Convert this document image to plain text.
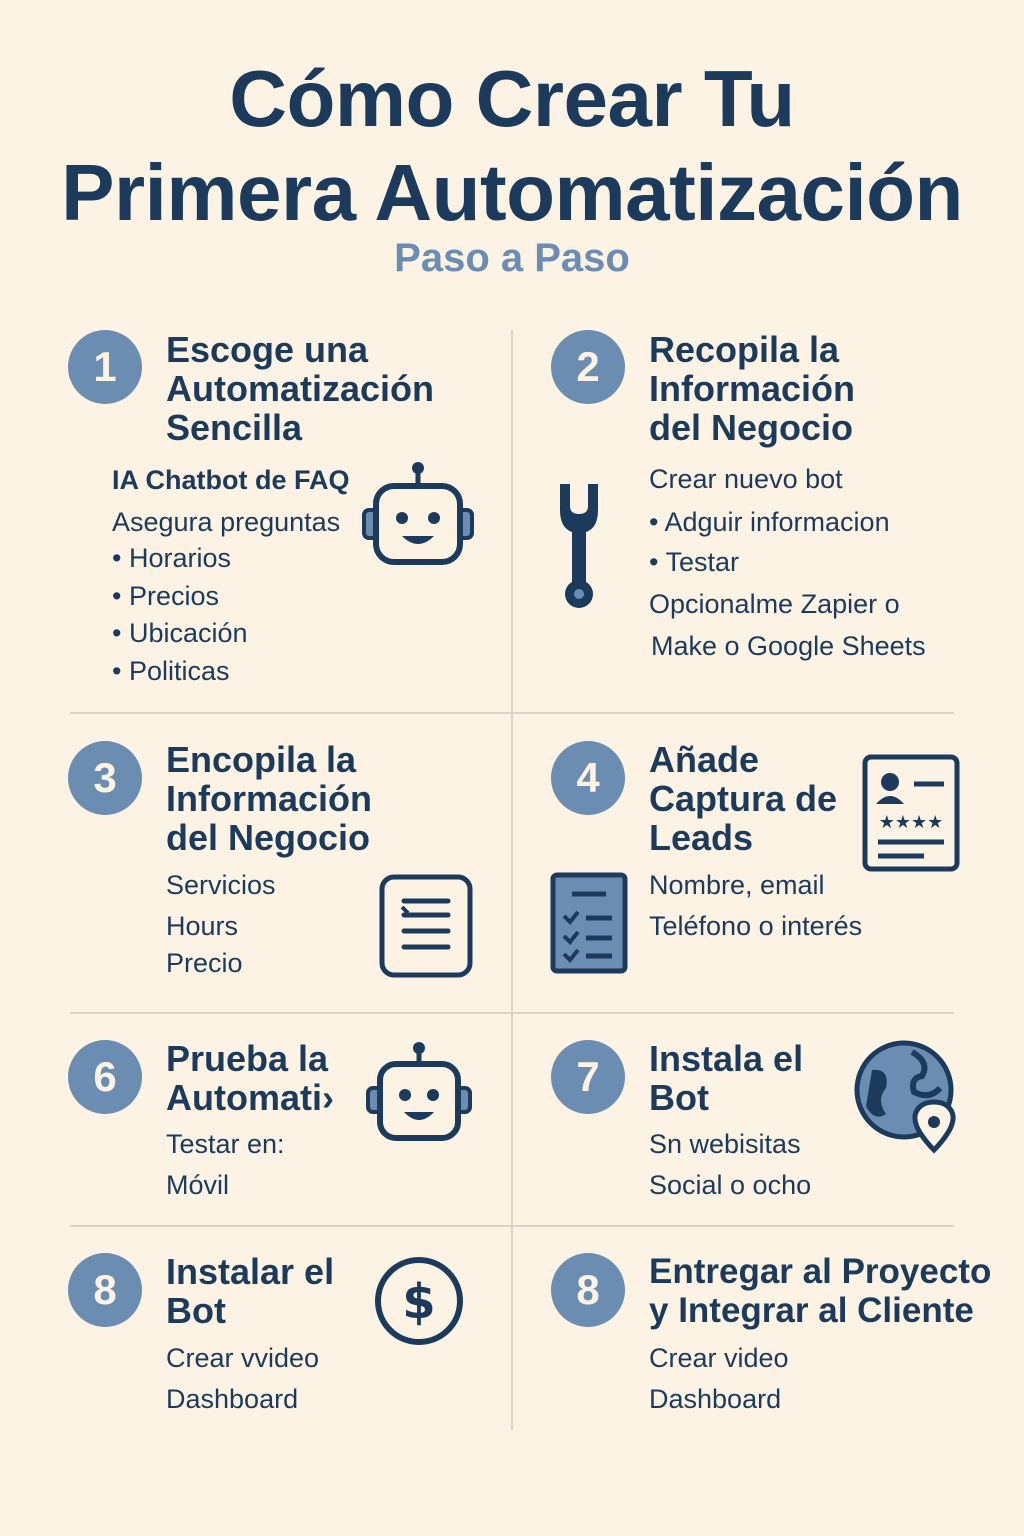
Cómo Crear Tu
Primera Automatización
Paso a Paso
1	Escoge una
Automatización
Sencilla
IA Chatbot de FAQ
Asegura preguntas
• Horarios
• Precios
• Ubicación
• Politicas
2	Recopila la
Información
del Negocio
Crear nuevo bot
• Adguir informacion
• Testar
Opcionalme Zapier o
Make o Google Sheets
3	Encopila la
Información
del Negocio
Servicios
Hours
Precio
4	Añade
Captura de
Leads
Nombre, email
Teléfono o interés
★★★★
6	Prueba la
Automati›
Testar en:
Móvil
7	Instala el
Bot
Sn webisitas
Social o ocho
8	Instalar el
Bot
Crear vvideo
Dashboard
$	8	Entregar al Proyecto
y Integrar al Cliente
Crear video
Dashboard
